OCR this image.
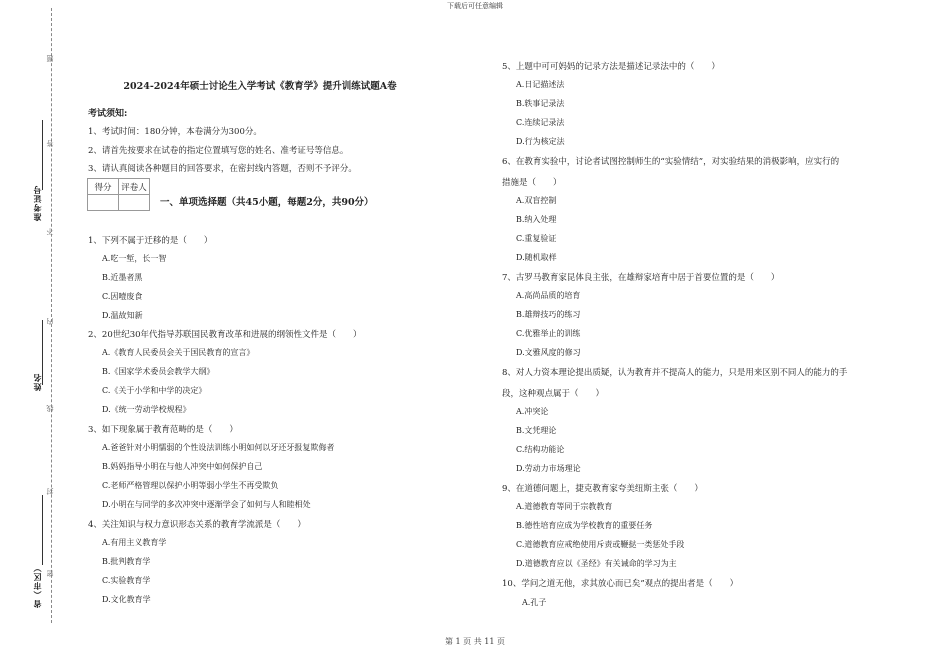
下载后可任意编辑
题
答
不
内
线
封
密
准考证号
姓名
省（市区）
2024-2024年硕士讨论生入学考试《教育学》提升训练试题A卷
考试须知:
1、考试时间：180分钟，本卷满分为300分。
2、请首先按要求在试卷的指定位置填写您的姓名、准考证号等信息。
3、请认真阅读各种题目的回答要求，在密封线内答题，否则不予评分。
得分	评卷人

一、单项选择题（共45小题，每题2分，共90分）
1、下列不属于迁移的是（　　）
A.吃一堑，长一智
B.近墨者黑
C.因噎废食
D.温故知新
2、20世纪30年代指导苏联国民教育改革和进展的纲领性文件是（　　）
A.《教育人民委员会关于国民教育的宣言》
B.《国家学术委员会教学大纲》
C.《关于小学和中学的决定》
D.《统一劳动学校规程》
3、如下现象属于教育范畴的是（　　）
A.爸爸针对小明懦弱的个性设法训练小明如何以牙还牙报复欺侮者
B.妈妈指导小明在与他人冲突中如何保护自己
C.老师严格管理以保护小明等弱小学生不再受欺负
D.小明在与同学的多次冲突中逐渐学会了如何与人和睦相处
4、关注知识与权力意识形态关系的教育学流派是（　　）
A.有用主义教育学
B.批判教育学
C.实验教育学
D.文化教育学
5、上题中可可妈妈的记录方法是描述记录法中的（　　）
A.日记描述法
B.轶事记录法
C.连续记录法
D.行为核定法
6、在教育实验中，讨论者试图控制师生的“实验情结”，对实验结果的消极影响，应实行的
措施是（　　）
A.双盲控制
B.纳入处理
C.重复验证
D.随机取样
7、古罗马教育家昆体良主张，在雄辩家培育中居于首要位置的是（　　）
A.高尚品质的培育
B.雄辩技巧的练习
C.优雅举止的训练
D.文雅风度的修习
8、对人力资本理论提出质疑，认为教育并不提高人的能力，只是用来区别不同人的能力的手
段，这种观点属于（　　）
A.冲突论
B.文凭理论
C.结构功能论
D.劳动力市场理论
9、在道德问题上，捷克教育家夸美纽斯主张（　　）
A.道德教育等同于宗教教育
B.德性培育应成为学校教育的重要任务
C.道德教育应戒绝使用斥责或鞭挞一类惩处手段
D.道德教育应以《圣经》有关诫命的学习为主
10、学问之道无他，求其放心而已矣”观点的提出者是（　　）
A.孔子
第 1 页 共 11 页
